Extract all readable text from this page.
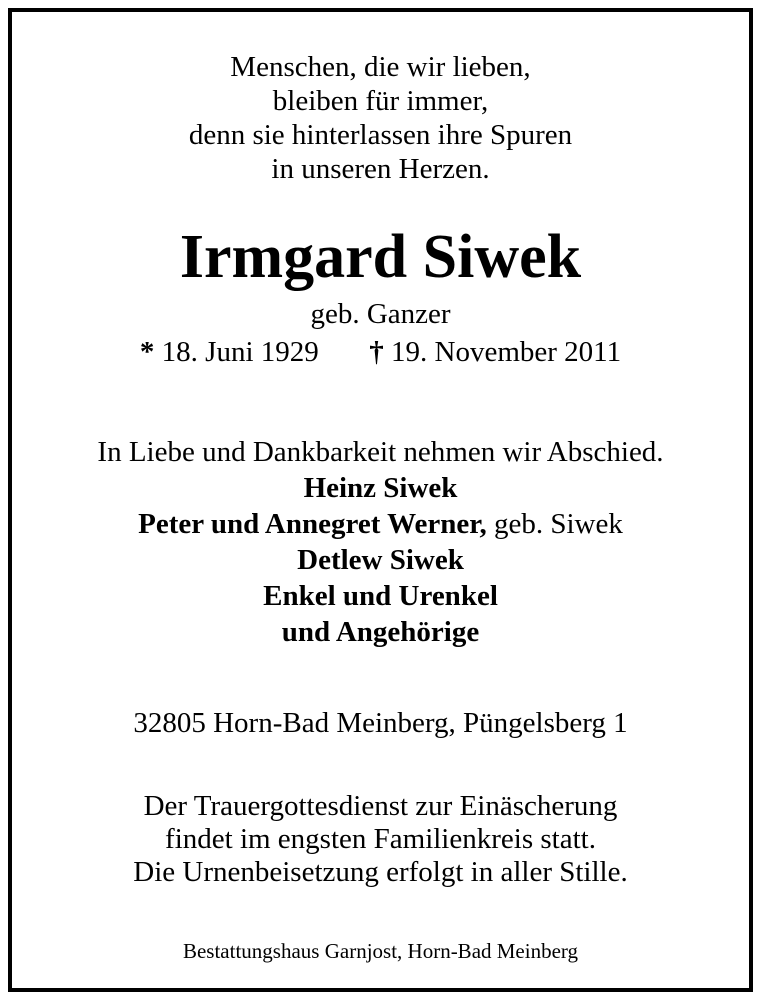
Menschen, die wir lieben,
bleiben für immer,
denn sie hinterlassen ihre Spuren
in unseren Herzen.
Irmgard Siwek
geb. Ganzer
* 18. Juni 1929 † 19. November 2011
In Liebe und Dankbarkeit nehmen wir Abschied.
Heinz Siwek
Peter und Annegret Werner, geb. Siwek
Detlew Siwek
Enkel und Urenkel
und Angehörige
32805 Horn-Bad Meinberg, Püngelsberg 1
Der Trauergottesdienst zur Einäscherung
findet im engsten Familienkreis statt.
Die Urnenbeisetzung erfolgt in aller Stille.
Bestattungshaus Garnjost, Horn-Bad Meinberg
